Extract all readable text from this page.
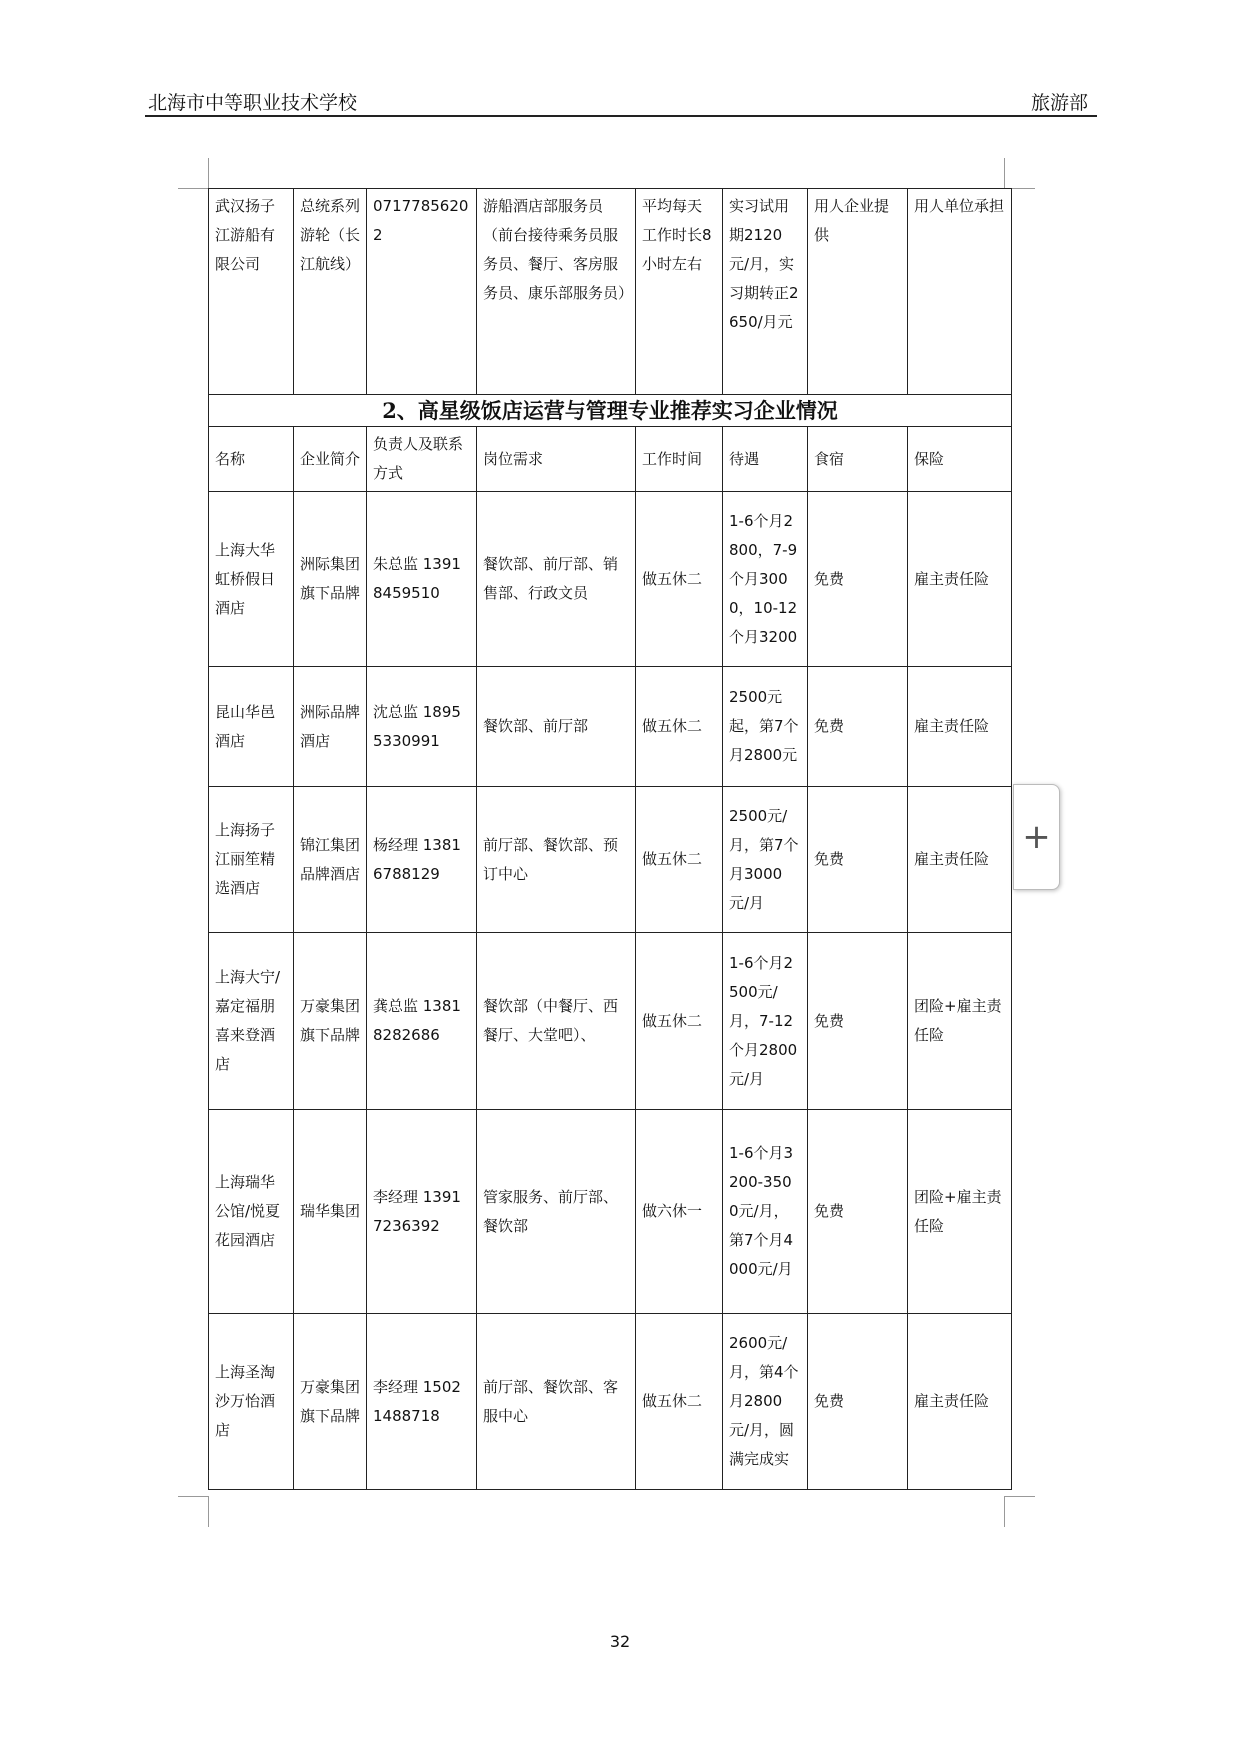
北海市中等职业技术学校	旅游部
武汉扬子江游船有限公司	总统系列游轮（长江航线）	07177856202	游船酒店部服务员（前台接待乘务员服务员、餐厅、客房服务员、康乐部服务员）	平均每天工作时长8小时左右	实习试用期2120元/月，实习期转正2650/月元	用人企业提供	用人单位承担
2、高星级饭店运营与管理专业推荐实习企业情况							
名称	企业简介	负责人及联系方式	岗位需求	工作时间	待遇	食宿	保险
上海大华虹桥假日酒店	洲际集团旗下品牌	朱总监 13918459510	餐饮部、前厅部、销售部、行政文员	做五休二	1-6个月2800，7-9个月3000，10-12个月3200	免费	雇主责任险
昆山华邑酒店	洲际品牌酒店	沈总监 18955330991	餐饮部、前厅部	做五休二	2500元起，第7个月2800元	免费	雇主责任险
上海扬子江丽笙精选酒店	锦江集团品牌酒店	杨经理 13816788129	前厅部、餐饮部、预订中心	做五休二	2500元/月，第7个月3000元/月	免费	雇主责任险
上海大宁/嘉定福朋喜来登酒店	万豪集团旗下品牌	龚总监 13818282686	餐饮部（中餐厅、西餐厅、大堂吧）、	做五休二	1-6个月2500元/月，7-12个月2800元/月	免费	团险+雇主责任险
上海瑞华公馆/悦夏花园酒店	瑞华集团	李经理 13917236392	管家服务、前厅部、餐饮部	做六休一	1-6个月3200-3500元/月，第7个月4000元/月	免费	团险+雇主责任险
上海圣淘沙万怡酒店	万豪集团旗下品牌	李经理 15021488718	前厅部、餐饮部、客服中心	做五休二	2600元/月，第4个月2800元/月，圆满完成实	免费	雇主责任险
+
32
